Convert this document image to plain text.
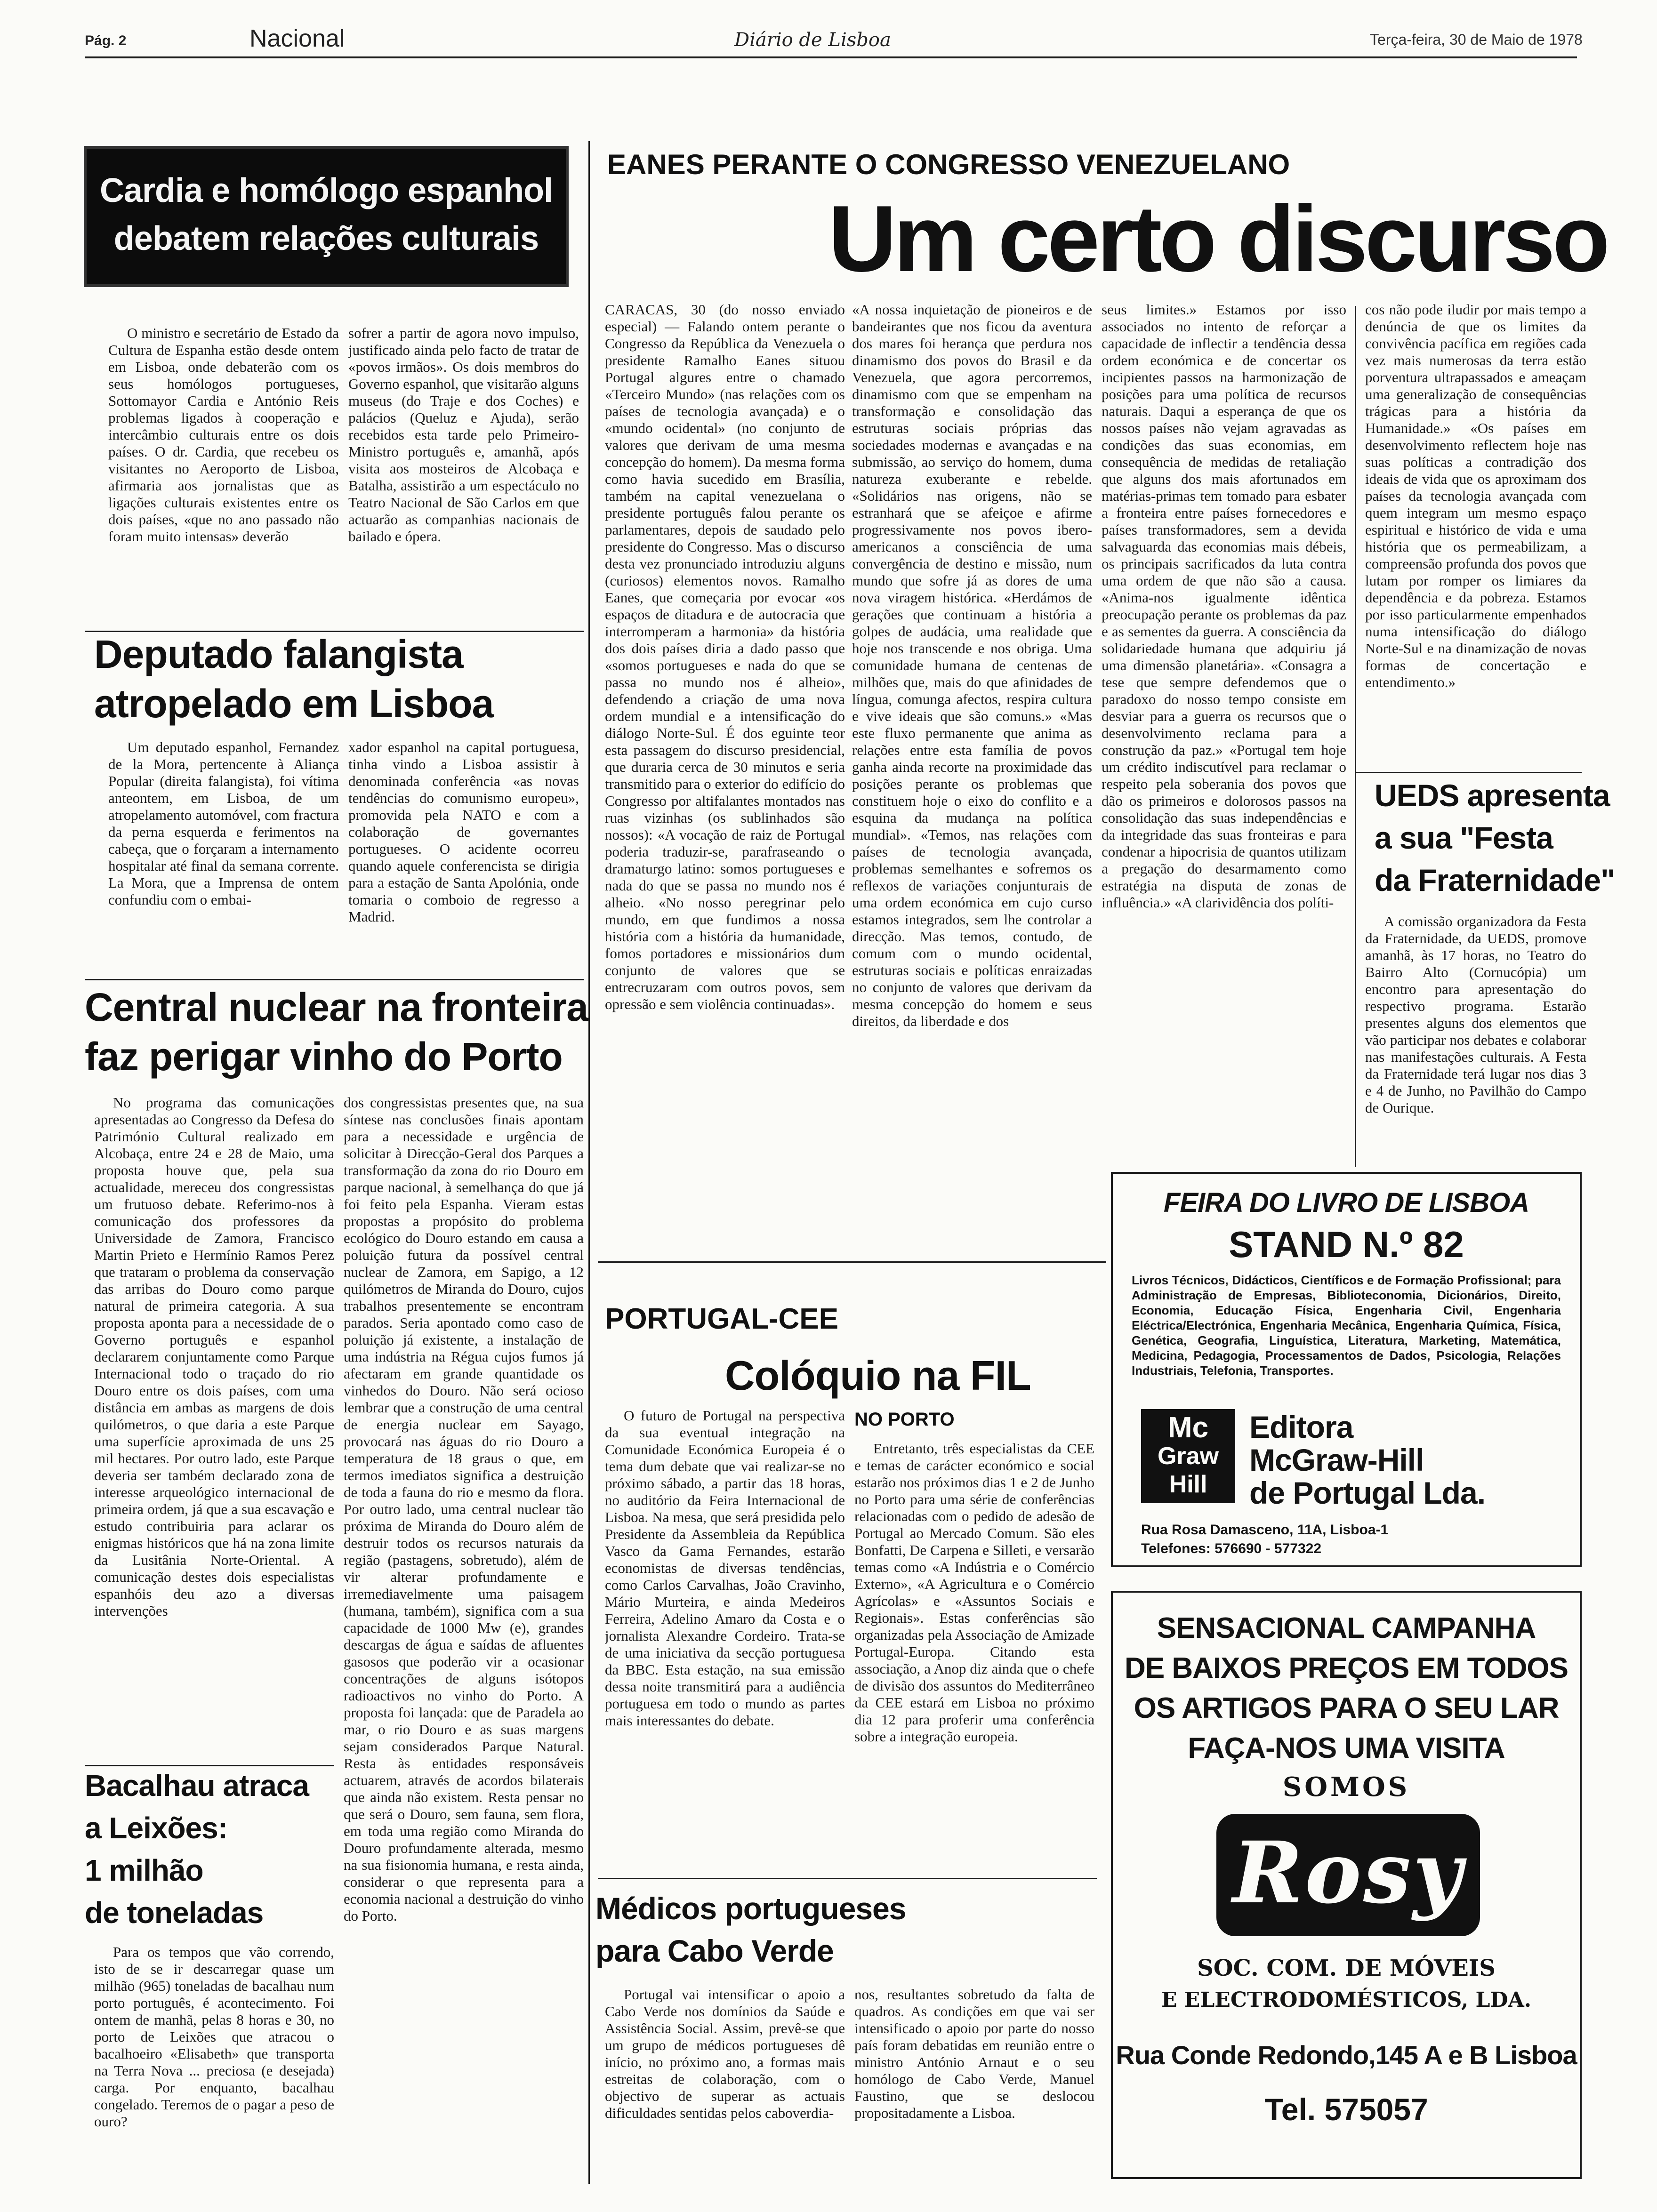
Pág. 2	Nacional	Diário de Lisboa	Terça-feira, 30 de Maio de 1978
Cardia e homólogo espanhol
debatem relações culturais

O ministro e secretário de Estado da Cultura de Espanha estão desde ontem em Lisboa, onde debaterão com os seus homólogos portugueses, Sottomayor Cardia e António Reis problemas ligados à cooperação e intercâmbio culturais entre os dois países. O dr. Cardia, que recebeu os visitantes no Aeroporto de Lisboa, afirmaria aos jornalistas que as ligações culturais existentes entre os dois países, «que no ano passado não foram muito intensas» deverão

sofrer a partir de agora novo impulso, justificado ainda pelo facto de tratar de «povos irmãos». Os dois membros do Governo espanhol, que visitarão alguns museus (do Traje e dos Coches) e palácios (Queluz e Ajuda), serão recebidos esta tarde pelo Primeiro-Ministro português e, amanhã, após visita aos mosteiros de Alcobaça e Batalha, assistirão a um espectáculo no Teatro Nacional de São Carlos em que actuarão as companhias nacionais de bailado e ópera.

Deputado falangista
atropelado em Lisboa

Um deputado espanhol, Fernandez de la Mora, pertencente à Aliança Popular (direita falangista), foi vítima anteontem, em Lisboa, de um atropelamento automóvel, com fractura da perna esquerda e ferimentos na cabeça, que o forçaram a internamento hospitalar até final da semana corrente. La Mora, que a Imprensa de ontem confundiu com o embai-

xador espanhol na capital portuguesa, tinha vindo a Lisboa assistir à denominada conferência «as novas tendências do comunismo europeu», promovida pela NATO e com a colaboração de governantes portugueses. O acidente ocorreu quando aquele conferencista se dirigia para a estação de Santa Apolónia, onde tomaria o comboio de regresso a Madrid.

Central nuclear na fronteira
faz perigar vinho do Porto

No programa das comunicações apresentadas ao Congresso da Defesa do Património Cultural realizado em Alcobaça, entre 24 e 28 de Maio, uma proposta houve que, pela sua actualidade, mereceu dos congressistas um frutuoso debate. Referimo-nos à comunicação dos professores da Universidade de Zamora, Francisco Martin Prieto e Hermínio Ramos Perez que trataram o problema da conservação das arribas do Douro como parque natural de primeira categoria. A sua proposta aponta para a necessidade de o Governo português e espanhol declararem conjuntamente como Parque Internacional todo o traçado do rio Douro entre os dois países, com uma distância em ambas as margens de dois quilómetros, o que daria a este Parque uma superfície aproximada de uns 25 mil hectares. Por outro lado, este Parque deveria ser também declarado zona de interesse arqueológico internacional de primeira ordem, já que a sua escavação e estudo contribuiria para aclarar os enigmas históricos que há na zona limite da Lusitânia Norte-Oriental. A comunicação destes dois especialistas espanhóis deu azo a diversas intervenções

dos congressistas presentes que, na sua síntese nas conclusões finais apontam para a necessidade e urgência de solicitar à Direcção-Geral dos Parques a transformação da zona do rio Douro em parque nacional, à semelhança do que já foi feito pela Espanha. Vieram estas propostas a propósito do problema ecológico do Douro estando em causa a poluição futura da possível central nuclear de Zamora, em Sapigo, a 12 quilómetros de Miranda do Douro, cujos trabalhos presentemente se encontram parados. Seria apontado como caso de poluição já existente, a instalação de uma indústria na Régua cujos fumos já afectaram em grande quantidade os vinhedos do Douro. Não será ocioso lembrar que a construção de uma central de energia nuclear em Sayago, provocará nas águas do rio Douro a temperatura de 18 graus o que, em termos imediatos significa a destruição de toda a fauna do rio e mesmo da flora. Por outro lado, uma central nuclear tão próxima de Miranda do Douro além de destruir todos os recursos naturais da região (pastagens, sobretudo), além de vir alterar profundamente e irremediavelmente uma paisagem (humana, também), significa com a sua capacidade de 1000 Mw (e), grandes descargas de água e saídas de afluentes gasosos que poderão vir a ocasionar concentrações de alguns isótopos radioactivos no vinho do Porto. A proposta foi lançada: que de Paradela ao mar, o rio Douro e as suas margens sejam considerados Parque Natural. Resta às entidades responsáveis actuarem, através de acordos bilaterais que ainda não existem. Resta pensar no que será o Douro, sem fauna, sem flora, em toda uma região como Miranda do Douro profundamente alterada, mesmo na sua fisionomia humana, e resta ainda, considerar o que representa para a economia nacional a destruição do vinho do Porto.

Bacalhau atraca
a Leixões:
1 milhão
de toneladas

Para os tempos que vão correndo, isto de se ir descarregar quase um milhão (965) toneladas de bacalhau num porto português, é acontecimento. Foi ontem de manhã, pelas 8 horas e 30, no porto de Leixões que atracou o bacalhoeiro «Elisabeth» que transporta na Terra Nova ... preciosa (e desejada) carga. Por enquanto, bacalhau congelado. Teremos de o pagar a peso de ouro?

EANES PERANTE O CONGRESSO VENEZUELANO
Um certo discurso

CARACAS, 30 (do nosso enviado especial) — Falando ontem perante o Congresso da República da Venezuela o presidente Ramalho Eanes situou Portugal algures entre o chamado «Terceiro Mundo» (nas relações com os países de tecnologia avançada) e o «mundo ocidental» (no conjunto de valores que derivam de uma mesma concepção do homem). Da mesma forma como havia sucedido em Brasília, também na capital venezuelana o presidente português falou perante os parlamentares, depois de saudado pelo presidente do Congresso. Mas o discurso desta vez pronunciado introduziu alguns (curiosos) elementos novos. Ramalho Eanes, que começaria por evocar «os espaços de ditadura e de autocracia que interromperam a harmonia» da história dos dois países diria a dado passo que «somos portugueses e nada do que se passa no mundo nos é alheio», defendendo a criação de uma nova ordem mundial e a intensificação do diálogo Norte-Sul. É dos eguinte teor esta passagem do discurso presidencial, que duraria cerca de 30 minutos e seria transmitido para o exterior do edifício do Congresso por altifalantes montados nas ruas vizinhas (os sublinhados são nossos): «A vocação de raiz de Portugal poderia traduzir-se, parafraseando o dramaturgo latino: somos portugueses e nada do que se passa no mundo nos é alheio. «No nosso peregrinar pelo mundo, em que fundimos a nossa história com a história da humanidade, fomos portadores e missionários dum conjunto de valores que se entrecruzaram com outros povos, sem opressão e sem violência continuadas».

«A nossa inquietação de pioneiros e de bandeirantes que nos ficou da aventura dos mares foi herança que perdura nos dinamismo dos povos do Brasil e da Venezuela, que agora percorremos, dinamismo com que se empenham na transformação e consolidação das estruturas sociais próprias das sociedades modernas e avançadas e na submissão, ao serviço do homem, duma natureza exuberante e rebelde. «Solidários nas origens, não se estranhará que se afeiçoe e afirme progressivamente nos povos ibero-americanos a consciência de uma convergência de destino e missão, num mundo que sofre já as dores de uma nova viragem histórica. «Herdámos de gerações que continuam a história a golpes de audácia, uma realidade que hoje nos transcende e nos obriga. Uma comunidade humana de centenas de milhões que, mais do que afinidades de língua, comunga afectos, respira cultura e vive ideais que são comuns.» «Mas este fluxo permanente que anima as relações entre esta família de povos ganha ainda recorte na proximidade das posições perante os problemas que constituem hoje o eixo do conflito e a esquina da mudança na política mundial». «Temos, nas relações com países de tecnologia avançada, problemas semelhantes e sofremos os reflexos de variações conjunturais de uma ordem económica em cujo curso estamos integrados, sem lhe controlar a direcção. Mas temos, contudo, de comum com o mundo ocidental, estruturas sociais e políticas enraizadas no conjunto de valores que derivam da mesma concepção do homem e seus direitos, da liberdade e dos

seus limites.» Estamos por isso associados no intento de reforçar a capacidade de inflectir a tendência dessa ordem económica e de concertar os incipientes passos na harmonização de posições para uma política de recursos naturais. Daqui a esperança de que os nossos países não vejam agravadas as condições das suas economias, em consequência de medidas de retaliação que alguns dos mais afortunados em matérias-primas tem tomado para esbater a fronteira entre países fornecedores e países transformadores, sem a devida salvaguarda das economias mais débeis, os principais sacrificados da luta contra uma ordem de que não são a causa. «Anima-nos igualmente idêntica preocupação perante os problemas da paz e as sementes da guerra. A consciência da solidariedade humana que adquiriu já uma dimensão planetária». «Consagra a tese que sempre defendemos que o paradoxo do nosso tempo consiste em desviar para a guerra os recursos que o desenvolvimento reclama para a construção da paz.» «Portugal tem hoje um crédito indiscutível para reclamar o respeito pela soberania dos povos que dão os primeiros e dolorosos passos na consolidação das suas independências e da integridade das suas fronteiras e para condenar a hipocrisia de quantos utilizam a pregação do desarmamento como estratégia na disputa de zonas de influência.» «A clarividência dos políti-

cos não pode iludir por mais tempo a denúncia de que os limites da convivência pacífica em regiões cada vez mais numerosas da terra estão porventura ultrapassados e ameaçam uma generalização de consequências trágicas para a história da Humanidade.» «Os países em desenvolvimento reflectem hoje nas suas políticas a contradição dos ideais de vida que os aproximam dos países da tecnologia avançada com quem integram um mesmo espaço espiritual e histórico de vida e uma história que os permeabilizam, a compreensão profunda dos povos que lutam por romper os limiares da dependência e da pobreza. Estamos por isso particularmente empenhados numa intensificação do diálogo Norte-Sul e na dinamização de novas formas de concertação e entendimento.»

UEDS apresenta
a sua "Festa
da Fraternidade"

A comissão organizadora da Festa da Fraternidade, da UEDS, promove amanhã, às 17 horas, no Teatro do Bairro Alto (Cornucópia) um encontro para apresentação do respectivo programa. Estarão presentes alguns dos elementos que vão participar nos debates e colaborar nas manifestações culturais. A Festa da Fraternidade terá lugar nos dias 3 e 4 de Junho, no Pavilhão do Campo de Ourique.

PORTUGAL-CEE
Colóquio na FIL

O futuro de Portugal na perspectiva da sua eventual integração na Comunidade Económica Europeia é o tema dum debate que vai realizar-se no próximo sábado, a partir das 18 horas, no auditório da Feira Internacional de Lisboa. Na mesa, que será presidida pelo Presidente da Assembleia da República Vasco da Gama Fernandes, estarão economistas de diversas tendências, como Carlos Carvalhas, João Cravinho, Mário Murteira, e ainda Medeiros Ferreira, Adelino Amaro da Costa e o jornalista Alexandre Cordeiro. Trata-se de uma iniciativa da secção portuguesa da BBC. Esta estação, na sua emissão dessa noite transmitirá para a audiência portuguesa em todo o mundo as partes mais interessantes do debate.

NO PORTO

Entretanto, três especialistas da CEE e temas de carácter económico e social estarão nos próximos dias 1 e 2 de Junho no Porto para uma série de conferências relacionadas com o pedido de adesão de Portugal ao Mercado Comum. São eles Bonfatti, De Carpena e Silleti, e versarão temas como «A Indústria e o Comércio Externo», «A Agricultura e o Comércio Agrícolas» e «Assuntos Sociais e Regionais». Estas conferências são organizadas pela Associação de Amizade Portugal-Europa. Citando esta associação, a Anop diz ainda que o chefe de divisão dos assuntos do Mediterrâneo da CEE estará em Lisboa no próximo dia 12 para proferir uma conferência sobre a integração europeia.

Médicos portugueses
para Cabo Verde

Portugal vai intensificar o apoio a Cabo Verde nos domínios da Saúde e Assistência Social. Assim, prevê-se que um grupo de médicos portugueses dê início, no próximo ano, a formas mais estreitas de colaboração, com o objectivo de superar as actuais dificuldades sentidas pelos caboverdia-

nos, resultantes sobretudo da falta de quadros. As condições em que vai ser intensificado o apoio por parte do nosso país foram debatidas em reunião entre o ministro António Arnaut e o seu homólogo de Cabo Verde, Manuel Faustino, que se deslocou propositadamente a Lisboa.

FEIRA DO LIVRO DE LISBOA
STAND N.º 82
Livros Técnicos, Didácticos, Científicos e de Formação Profissional; para Administração de Empresas, Biblioteconomia, Dicionários, Direito, Economia, Educação Física, Engenharia Civil, Engenharia Eléctrica/Electrónica, Engenharia Mecânica, Engenharia Química, Física, Genética, Geografia, Linguística, Literatura, Marketing, Matemática, Medicina, Pedagogia, Processamentos de Dados, Psicologia, Relações Industriais, Telefonia, Transportes.
Mc
Graw
Hill
Editora
McGraw-Hill
de Portugal Lda.
Rua Rosa Damasceno, 11A, Lisboa-1
Telefones: 576690 - 577322
SENSACIONAL CAMPANHA
DE BAIXOS PREÇOS EM TODOS
OS ARTIGOS PARA O SEU LAR
FAÇA-NOS UMA VISITA
SOMOS
Rosy
SOC. COM. DE MÓVEIS
E ELECTRODOMÉSTICOS, LDA.
Rua Conde Redondo,145 A e B Lisboa
Tel. 575057
